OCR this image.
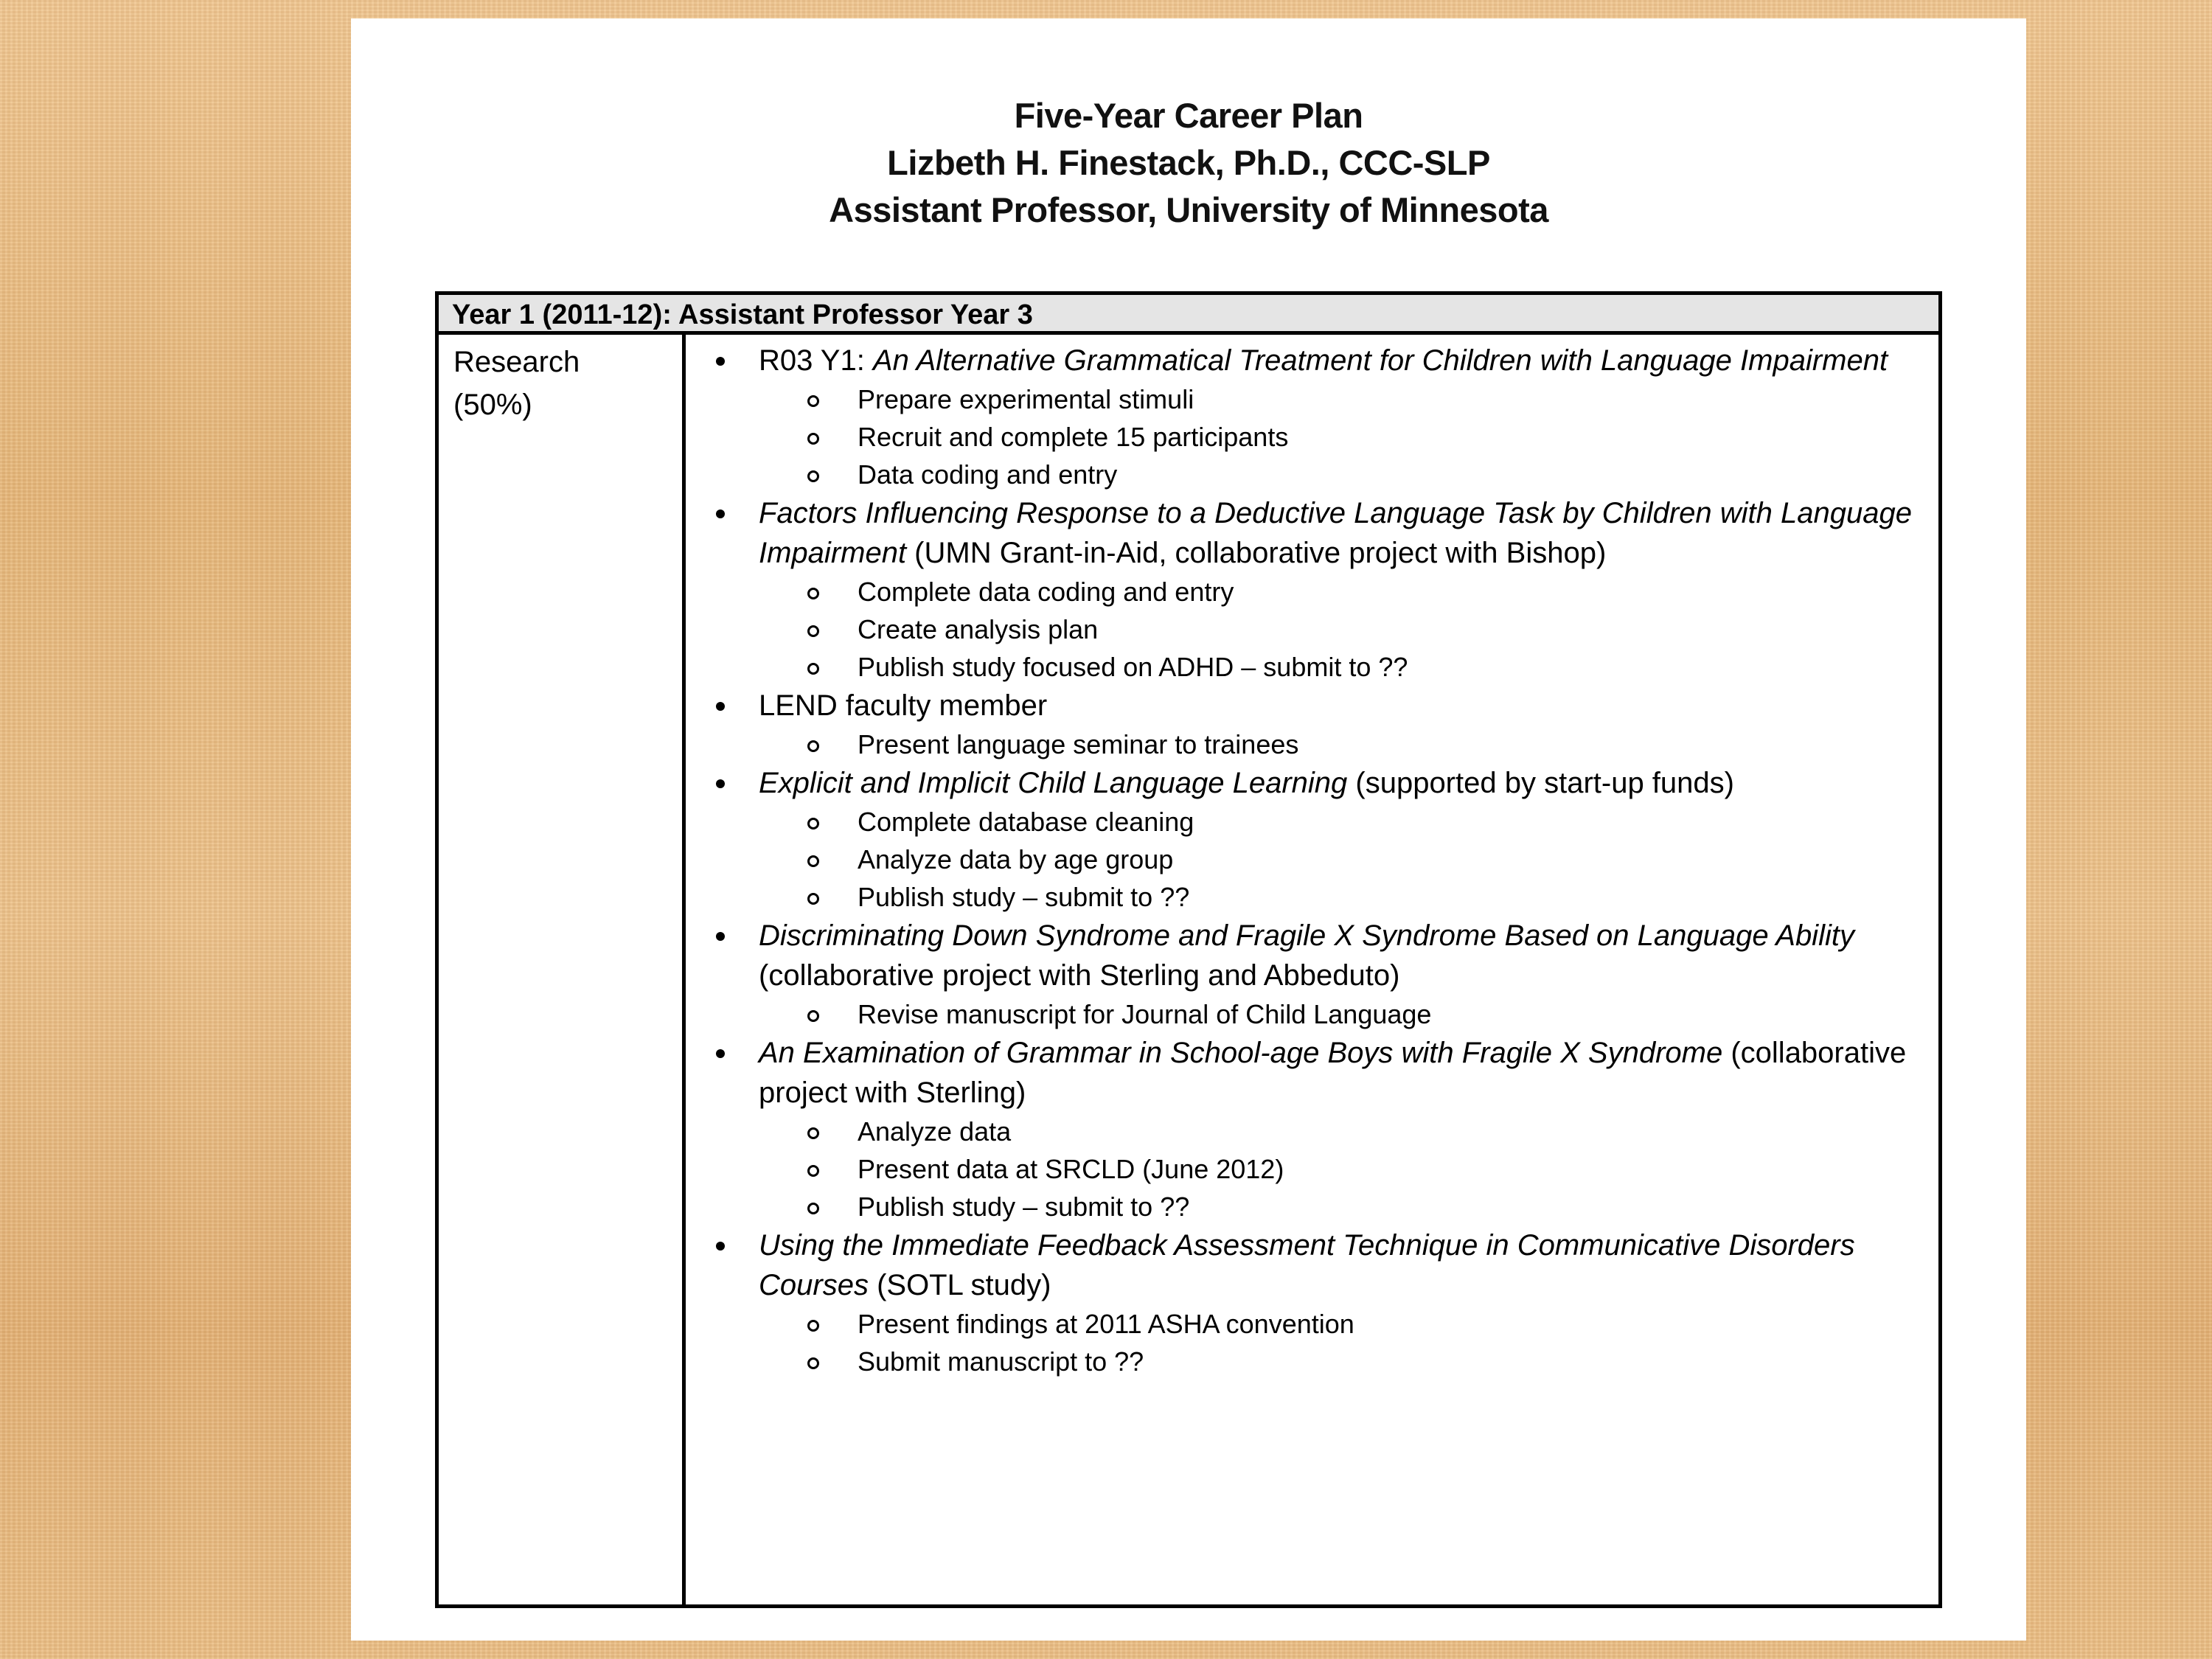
Five-Year Career Plan
Lizbeth H. Finestack, Ph.D., CCC-SLP
Assistant Professor, University of Minnesota
Year 1 (2011-12): Assistant Professor Year 3
Research
(50%)
R03 Y1: An Alternative Grammatical Treatment for Children with Language Impairment
Prepare experimental stimuli
Recruit and complete 15 participants
Data coding and entry
Factors Influencing Response to a Deductive Language Task by Children with Language Impairment (UMN Grant-in-Aid, collaborative project with Bishop)
Complete data coding and entry
Create analysis plan
Publish study focused on ADHD – submit to ??
LEND faculty member
Present language seminar to trainees
Explicit and Implicit Child Language Learning (supported by start-up funds)
Complete database cleaning
Analyze data by age group
Publish study – submit to ??
Discriminating Down Syndrome and Fragile X Syndrome Based on Language Ability (collaborative project with Sterling and Abbeduto)
Revise manuscript for Journal of Child Language
An Examination of Grammar in School-age Boys with Fragile X Syndrome (collaborative project with Sterling)
Analyze data
Present data at SRCLD (June 2012)
Publish study – submit to ??
Using the Immediate Feedback Assessment Technique in Communicative Disorders Courses (SOTL study)
Present findings at 2011 ASHA convention
Submit manuscript to ??
